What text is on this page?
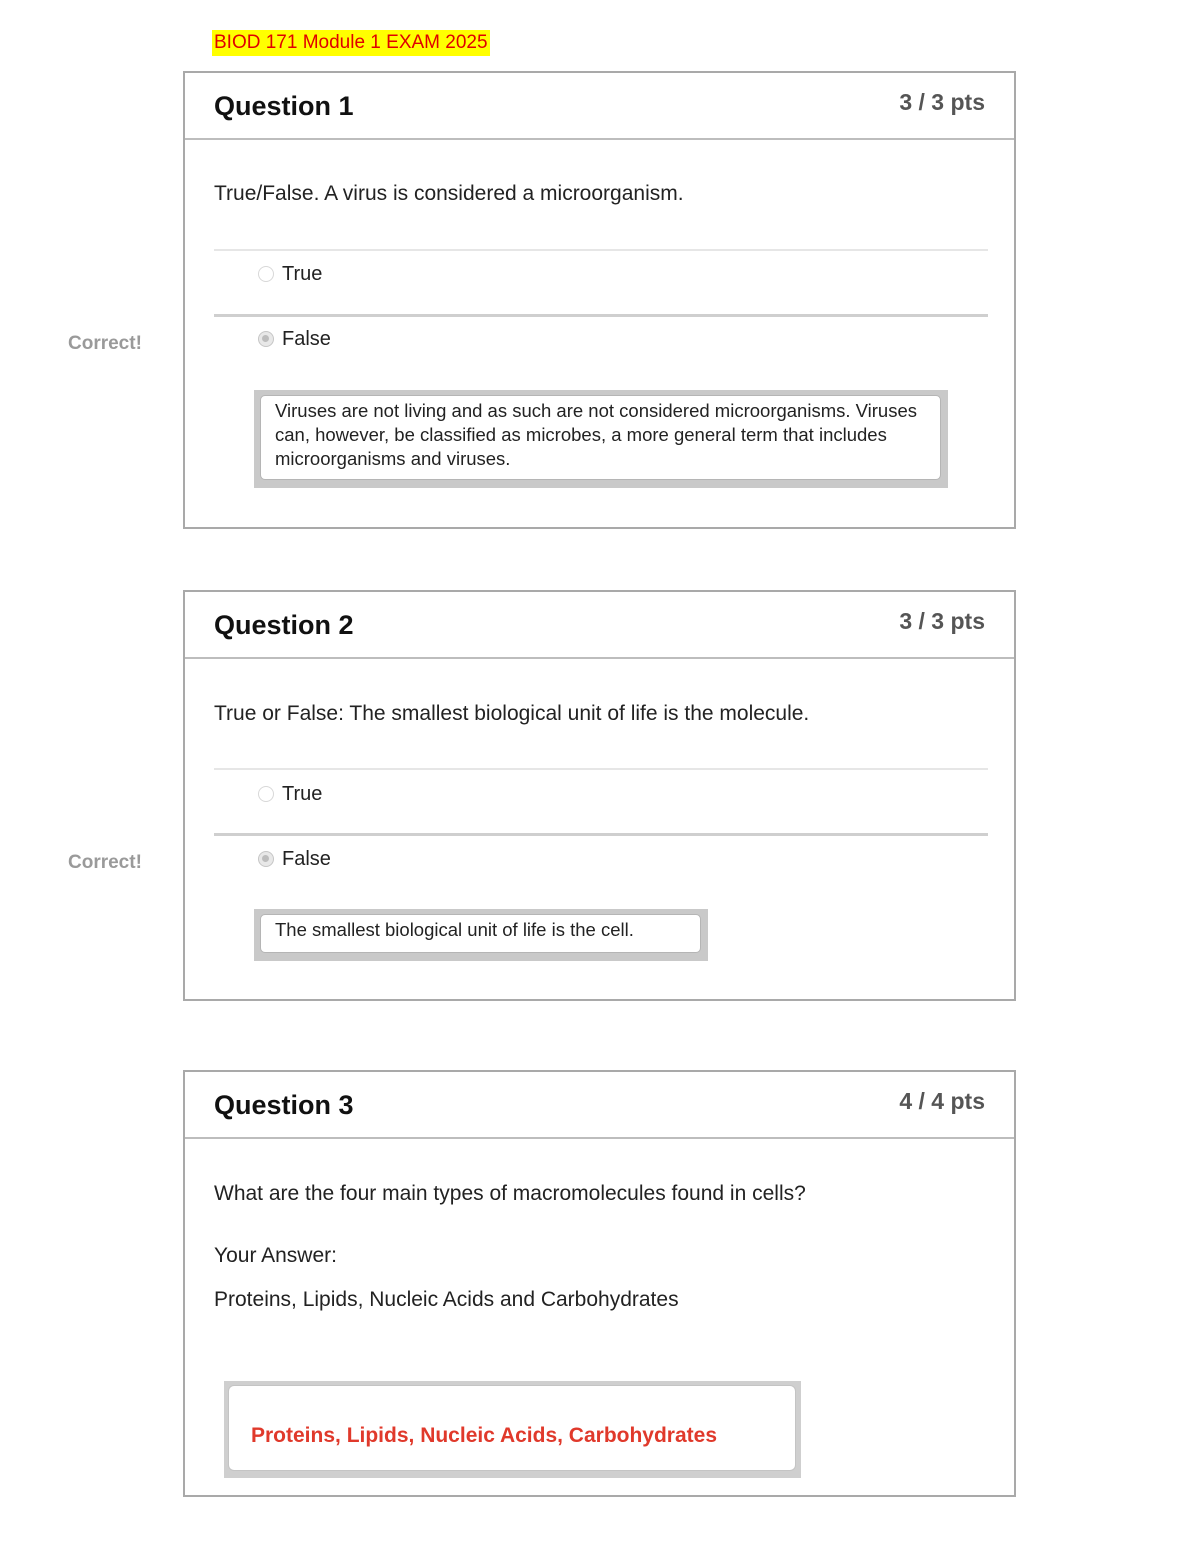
BIOD 171 Module 1 EXAM 2025
Question 1	3 / 3 pts
True/False. A virus is considered a microorganism.
True
False
Viruses are not living and as such are not considered microorganisms. Viruses can, however, be classified as microbes, a more general term that includes microorganisms and viruses.
Correct!
Question 2	3 / 3 pts
True or False: The smallest biological unit of life is the molecule.
True
False
The smallest biological unit of life is the cell.
Correct!
Question 3	4 / 4 pts
What are the four main types of macromolecules found in cells?
Your Answer:
Proteins, Lipids, Nucleic Acids and Carbohydrates
Proteins, Lipids, Nucleic Acids, Carbohydrates
